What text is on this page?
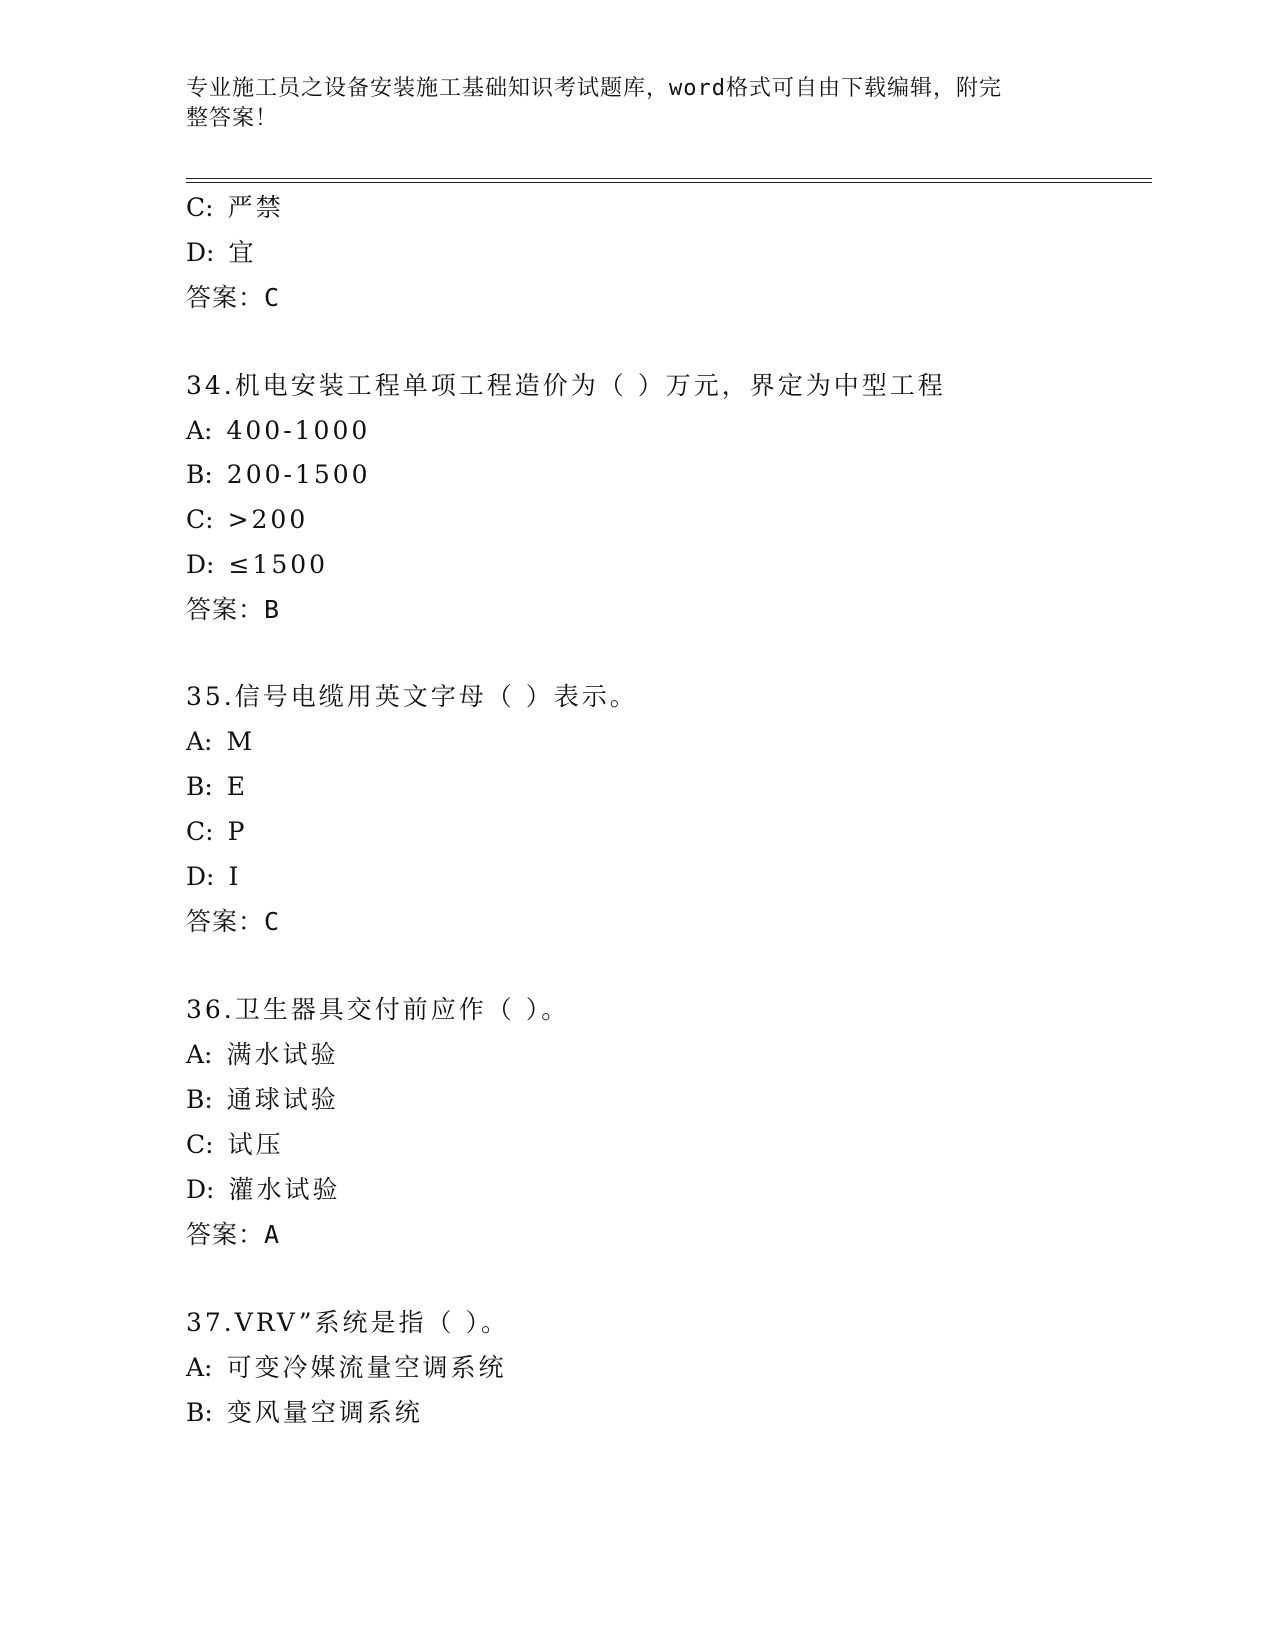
专业施工员之设备安装施工基础知识考试题库，word格式可自由下载编辑，附完
整答案！
C: 严禁
D: 宜
答案：C
34.机电安装工程单项工程造价为（ ）万元，界定为中型工程
A: 400-1000
B: 200-1500
C: >200
D: ≤1500
答案：B
35.信号电缆用英文字母（ ）表示。
A: M
B: E
C: P
D: I
答案：C
36.卫生器具交付前应作（ ）。
A: 满水试验
B: 通球试验
C: 试压
D: 灌水试验
答案：A
37.VRV”系统是指（ ）。
A: 可变冷媒流量空调系统
B: 变风量空调系统
